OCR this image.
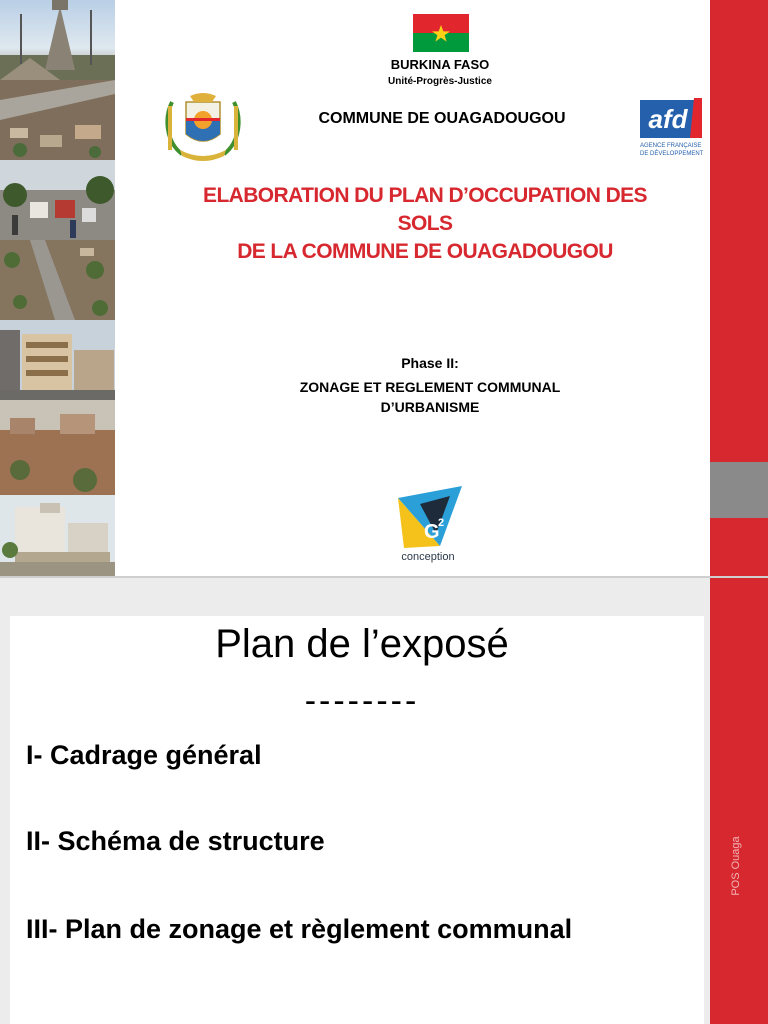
BURKINA FASO
Unité-Progrès-Justice
COMMUNE DE OUAGADOUGOU	afd
AGENCE FRANÇAISE
DE DÉVELOPPEMENT
ELABORATION DU PLAN D’OCCUPATION DES
SOLS
DE LA COMMUNE DE OUAGADOUGOU
Phase II:
ZONAGE ET REGLEMENT COMMUNAL
D’URBANISME
G
2
conception
POS Ouaga
Plan de l’exposé
--------
I- Cadrage général
II- Schéma de structure
III- Plan de zonage et règlement communal
